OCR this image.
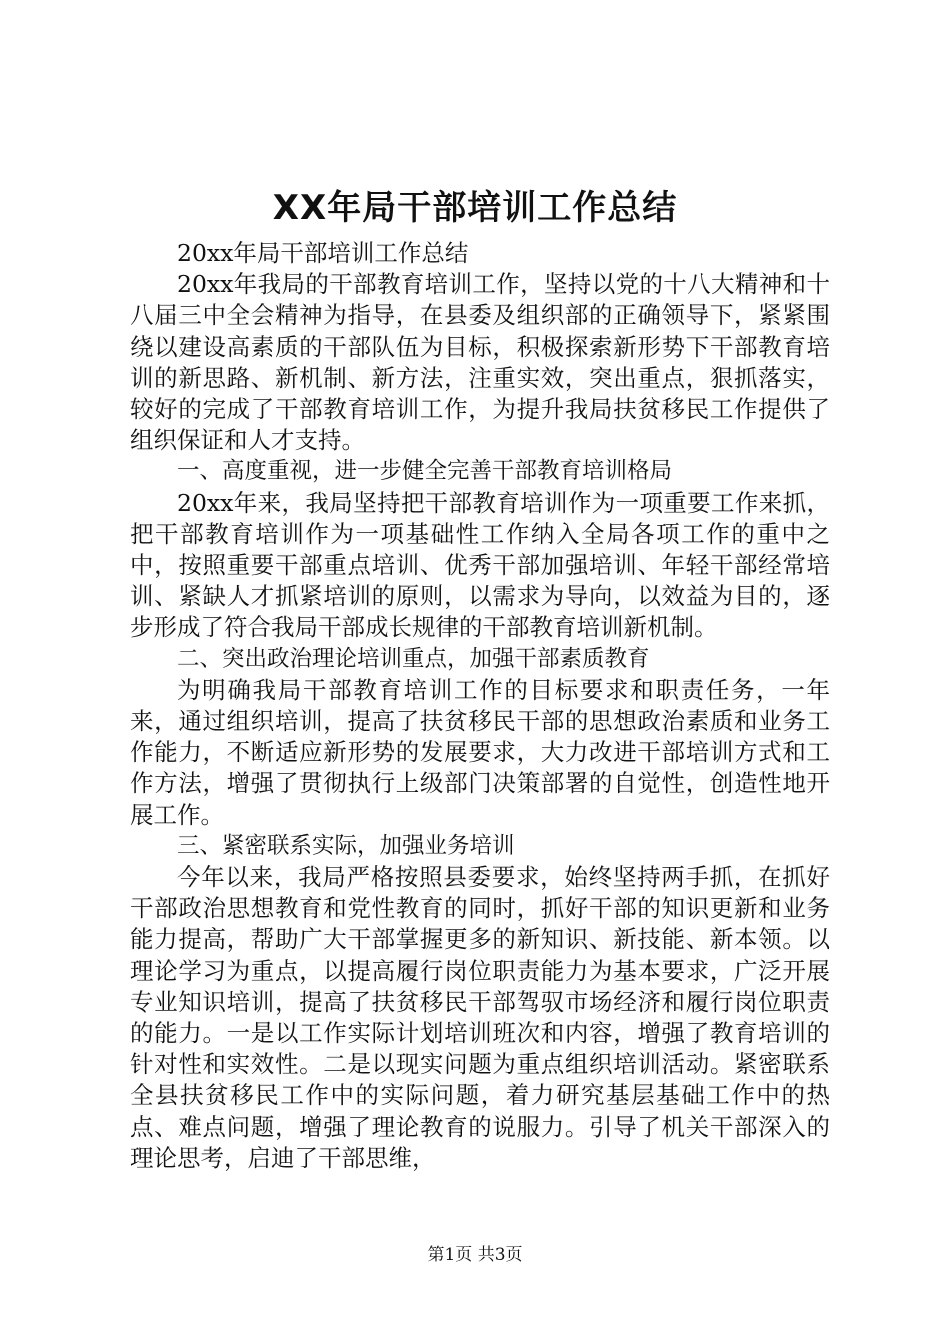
XX年局干部培训工作总结

20xx年局干部培训工作总结

20xx年我局的干部教育培训工作，坚持以党的十八大精神和十八届三中全会精神为指导，在县委及组织部的正确领导下，紧紧围绕以建设高素质的干部队伍为目标，积极探索新形势下干部教育培训的新思路、新机制、新方法，注重实效，突出重点，狠抓落实，较好的完成了干部教育培训工作，为提升我局扶贫移民工作提供了组织保证和人才支持。

一、高度重视，进一步健全完善干部教育培训格局

20xx年来，我局坚持把干部教育培训作为一项重要工作来抓，把干部教育培训作为一项基础性工作纳入全局各项工作的重中之中，按照重要干部重点培训、优秀干部加强培训、年轻干部经常培训、紧缺人才抓紧培训的原则，以需求为导向，以效益为目的，逐步形成了符合我局干部成长规律的干部教育培训新机制。

二、突出政治理论培训重点，加强干部素质教育

为明确我局干部教育培训工作的目标要求和职责任务，一年来，通过组织培训，提高了扶贫移民干部的思想政治素质和业务工作能力，不断适应新形势的发展要求，大力改进干部培训方式和工作方法，增强了贯彻执行上级部门决策部署的自觉性，创造性地开展工作。

三、紧密联系实际，加强业务培训

今年以来，我局严格按照县委要求，始终坚持两手抓，在抓好干部政治思想教育和党性教育的同时，抓好干部的知识更新和业务能力提高，帮助广大干部掌握更多的新知识、新技能、新本领。以理论学习为重点，以提高履行岗位职责能力为基本要求，广泛开展专业知识培训，提高了扶贫移民干部驾驭市场经济和履行岗位职责的能力。一是以工作实际计划培训班次和内容，增强了教育培训的针对性和实效性。二是以现实问题为重点组织培训活动。紧密联系全县扶贫移民工作中的实际问题，着力研究基层基础工作中的热点、难点问题，增强了理论教育的说服力。引导了机关干部深入的理论思考，启迪了干部思维，

第1页 共3页
